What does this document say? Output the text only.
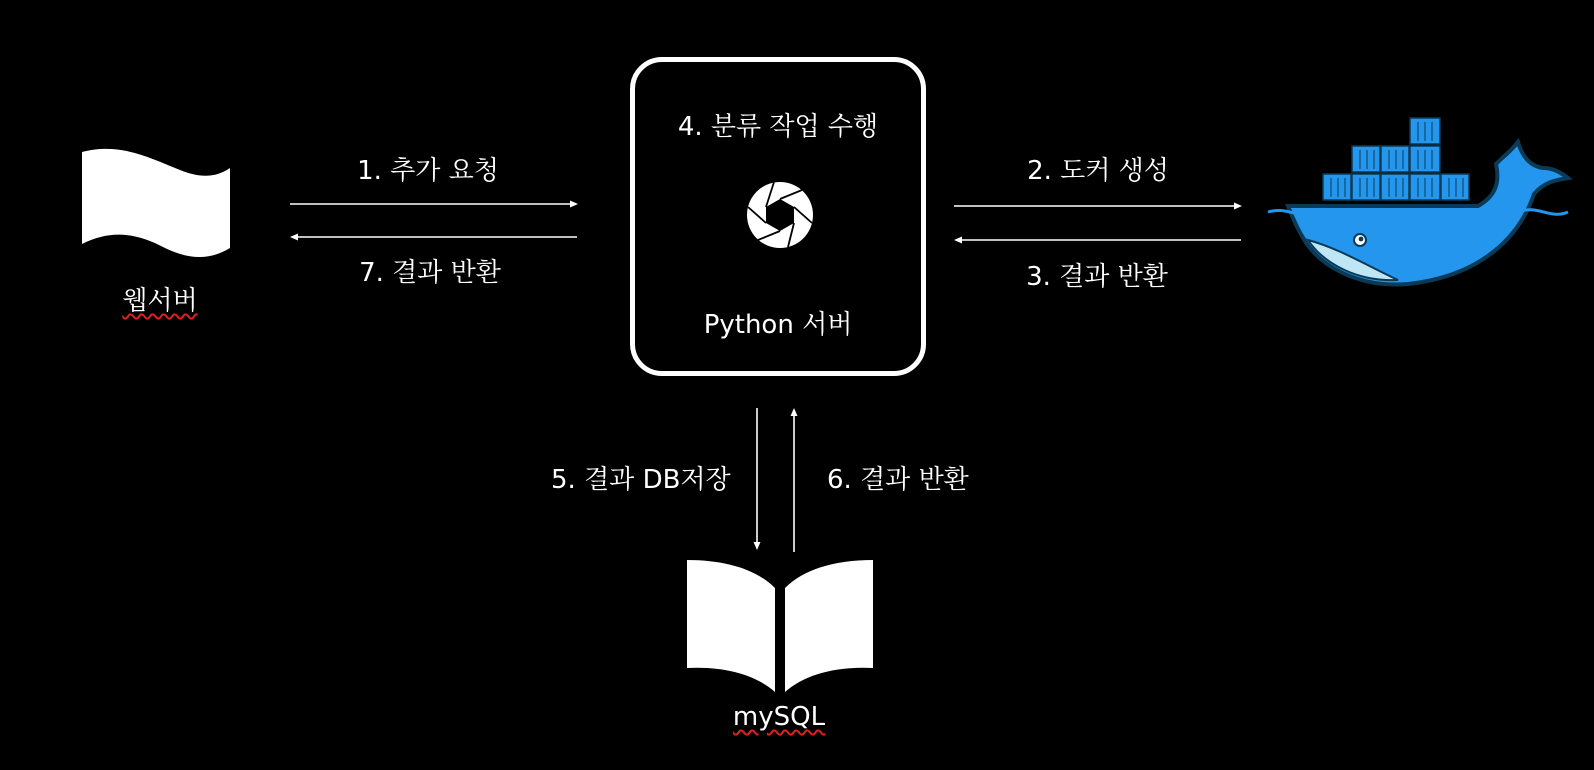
웹서버
1. 추가 요청
7. 결과 반환
4. 분류 작업 수행
Python 서버
2. 도커 생성
3. 결과 반환
5. 결과 DB저장	6. 결과 반환
mySQL
